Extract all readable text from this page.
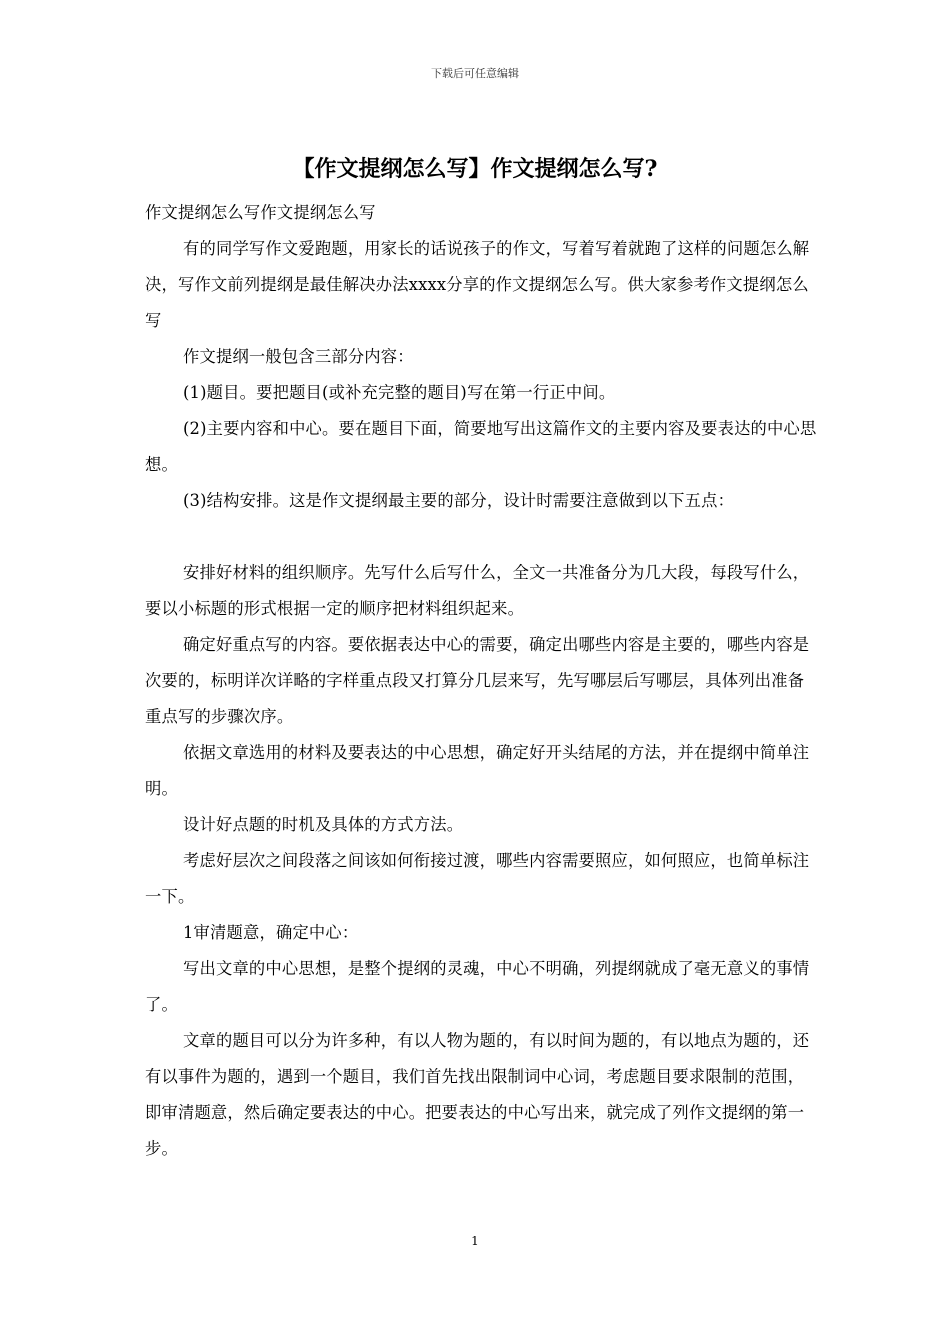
下载后可任意编辑
【作文提纲怎么写】作文提纲怎么写?

作文提纲怎么写作文提纲怎么写

有的同学写作文爱跑题，用家长的话说孩子的作文，写着写着就跑了这样的问题怎么解决，写作文前列提纲是最佳解决办法xxxx分享的作文提纲怎么写。供大家参考作文提纲怎么写

作文提纲一般包含三部分内容：

(1)题目。要把题目(或补充完整的题目)写在第一行正中间。

(2)主要内容和中心。要在题目下面，简要地写出这篇作文的主要内容及要表达的中心思想。

(3)结构安排。这是作文提纲最主要的部分，设计时需要注意做到以下五点：

安排好材料的组织顺序。先写什么后写什么，全文一共准备分为几大段，每段写什么，要以小标题的形式根据一定的顺序把材料组织起来。

确定好重点写的内容。要依据表达中心的需要，确定出哪些内容是主要的，哪些内容是次要的，标明详次详略的字样重点段又打算分几层来写，先写哪层后写哪层，具体列出准备重点写的步骤次序。

依据文章选用的材料及要表达的中心思想，确定好开头结尾的方法，并在提纲中简单注明。

设计好点题的时机及具体的方式方法。

考虑好层次之间段落之间该如何衔接过渡，哪些内容需要照应，如何照应，也简单标注一下。

1审清题意，确定中心：

写出文章的中心思想，是整个提纲的灵魂，中心不明确，列提纲就成了毫无意义的事情了。

文章的题目可以分为许多种，有以人物为题的，有以时间为题的，有以地点为题的，还有以事件为题的，遇到一个题目，我们首先找出限制词中心词，考虑题目要求限制的范围，即审清题意，然后确定要表达的中心。把要表达的中心写出来，就完成了列作文提纲的第一步。

1
